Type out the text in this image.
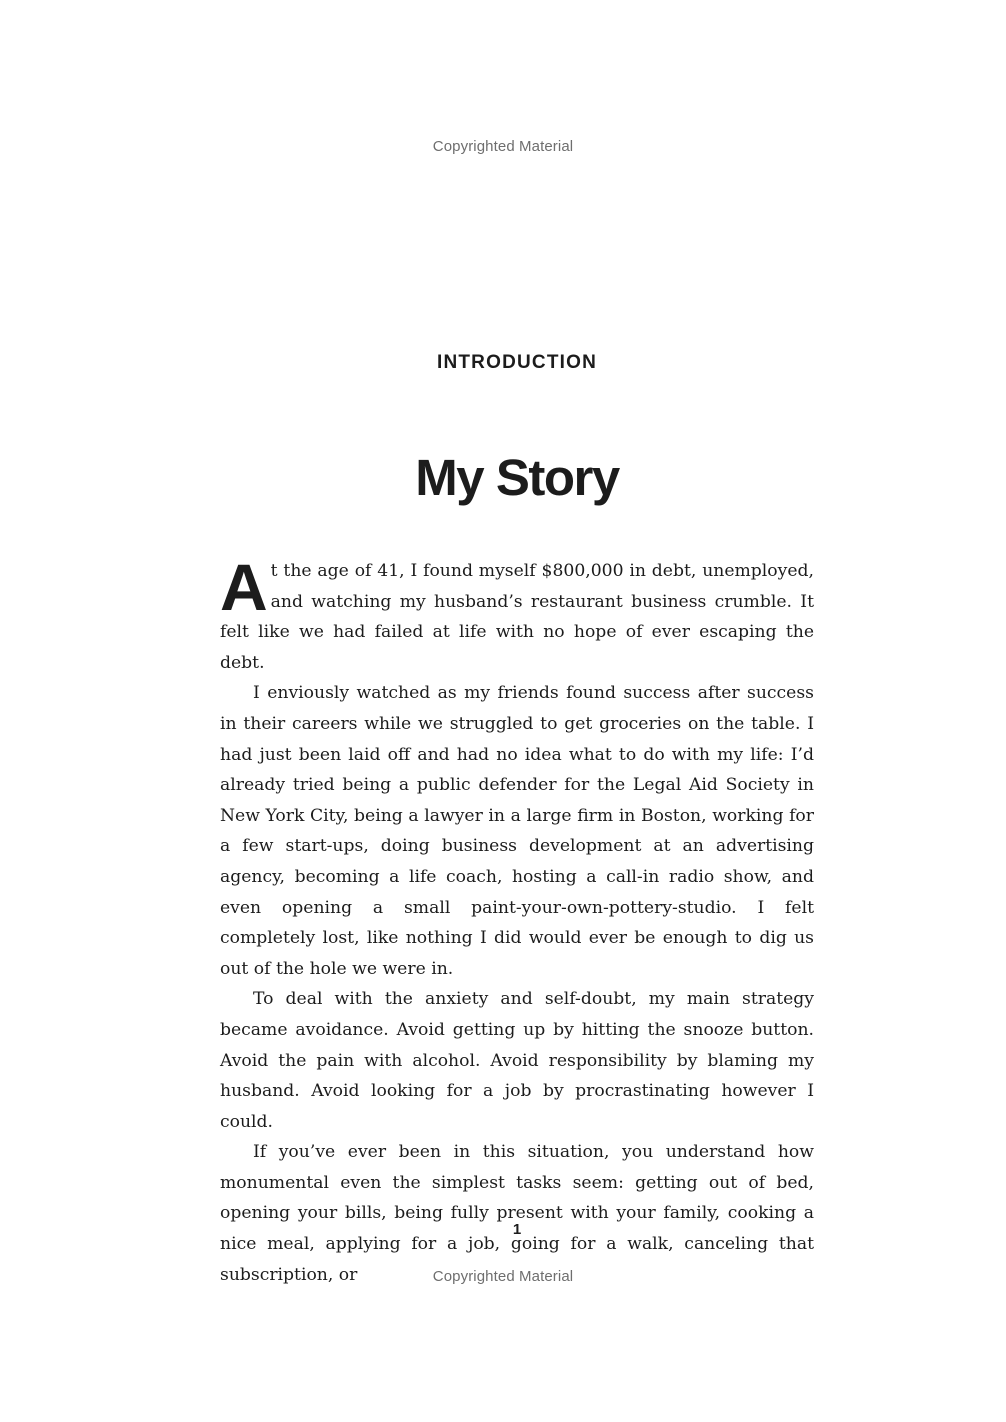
Copyrighted Material
INTRODUCTION
My Story

At the age of 41, I found myself $800,000 in debt, unemployed, and watching my husband’s restaurant business crumble. It felt like we had failed at life with no hope of ever escaping the debt.

I enviously watched as my friends found success after success in their careers while we struggled to get groceries on the table. I had just been laid off and had no idea what to do with my life: I’d already tried being a public defender for the Legal Aid Society in New York City, being a lawyer in a large firm in Boston, working for a few start-ups, doing business development at an advertising agency, becoming a life coach, hosting a call-in radio show, and even opening a small paint-your-own-pottery-studio. I felt completely lost, like nothing I did would ever be enough to dig us out of the hole we were in.

To deal with the anxiety and self-doubt, my main strategy became avoidance. Avoid getting up by hitting the snooze button. Avoid the pain with alcohol. Avoid responsibility by blaming my husband. Avoid looking for a job by procrastinating however I could.

If you’ve ever been in this situation, you understand how monumental even the simplest tasks seem: getting out of bed, opening your bills, being fully present with your family, cooking a nice meal, applying for a job, going for a walk, canceling that subscription, or

1
Copyrighted Material
